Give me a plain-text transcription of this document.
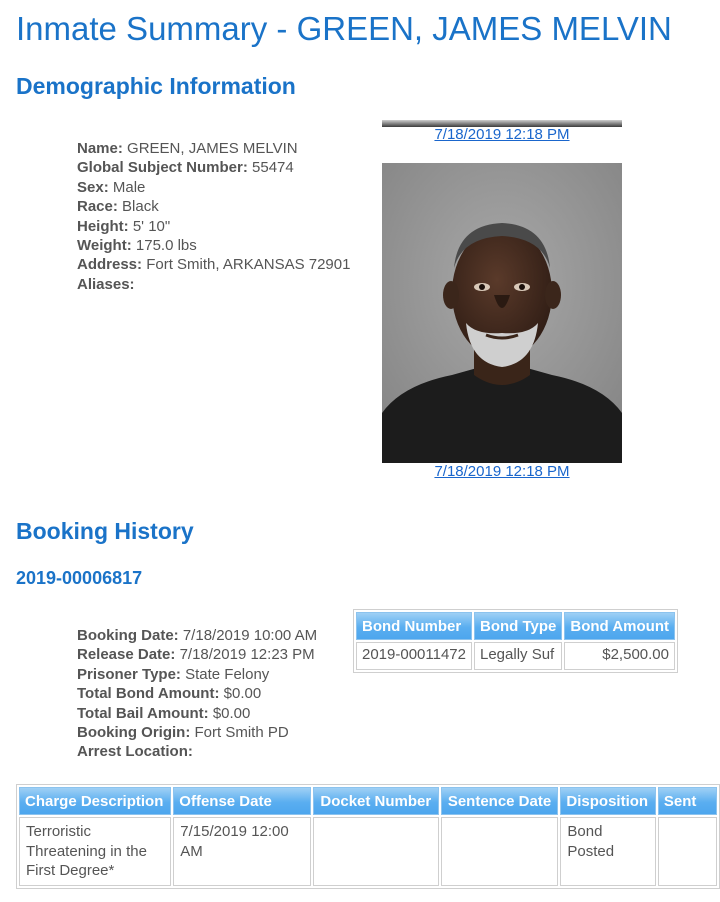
Inmate Summary - GREEN, JAMES MELVIN
Demographic Information
Name: GREEN, JAMES MELVIN
Global Subject Number: 55474
Sex: Male
Race: Black
Height: 5' 10"
Weight: 175.0 lbs
Address: Fort Smith, ARKANSAS 72901
Aliases:
7/18/2019 12:18 PM
7/18/2019 12:18 PM
Booking History
2019-00006817
Booking Date: 7/18/2019 10:00 AM
Release Date: 7/18/2019 12:23 PM
Prisoner Type: State Felony
Total Bond Amount: $0.00
Total Bail Amount: $0.00
Booking Origin: Fort Smith PD
Arrest Location:
Bond Number	Bond Type	Bond Amount
2019-00011472	Legally Suf	$2,500.00
Charge Description	Offense Date	Docket Number	Sentence Date	Disposition	Sent
Terroristic Threatening in the First Degree*	7/15/2019 12:00 AM			Bond Posted	
